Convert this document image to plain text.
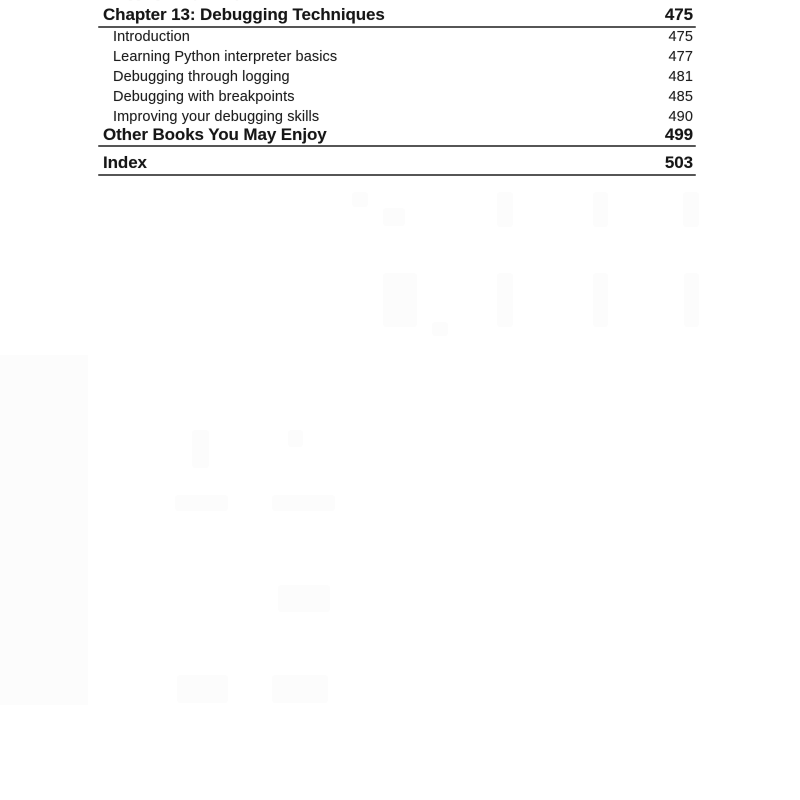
Chapter 13: Debugging Techniques	475
Introduction	475
Learning Python interpreter basics	477
Debugging through logging	481
Debugging with breakpoints	485
Improving your debugging skills	490
Other Books You May Enjoy	499
Index	503
